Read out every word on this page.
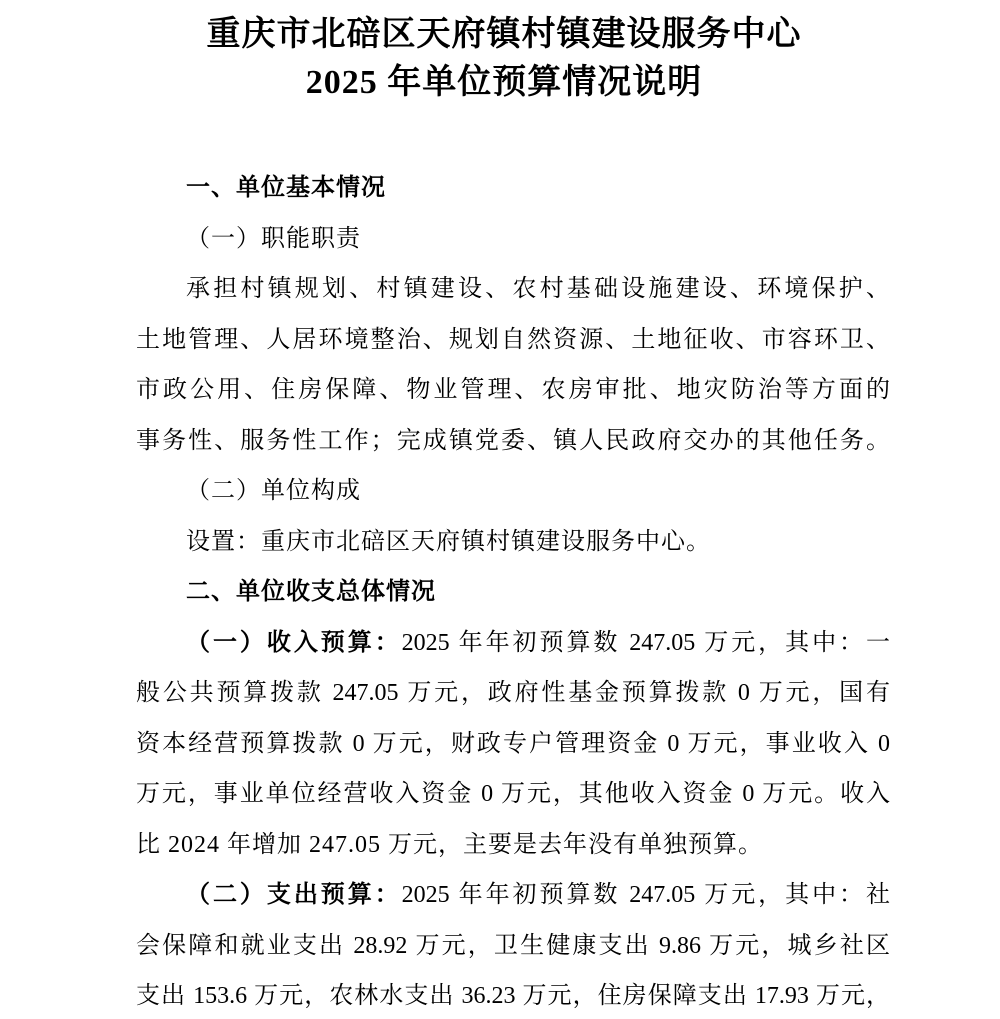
重庆市北碚区天府镇村镇建设服务中心
2025 年单位预算情况说明
一、单位基本情况
（一）职能职责
承担村镇规划、村镇建设、农村基础设施建设、环境保护、
土地管理、人居环境整治、规划自然资源、土地征收、市容环卫、
市政公用、住房保障、物业管理、农房审批、地灾防治等方面的
事务性、服务性工作；完成镇党委、镇人民政府交办的其他任务。
（二）单位构成
设置：重庆市北碚区天府镇村镇建设服务中心。
二、单位收支总体情况
（一）收入预算：2025 年年初预算数 247.05 万元，其中：一
般公共预算拨款 247.05 万元，政府性基金预算拨款 0 万元，国有
资本经营预算拨款 0 万元，财政专户管理资金 0 万元，事业收入 0
万元，事业单位经营收入资金 0 万元，其他收入资金 0 万元。收入
比 2024 年增加 247.05 万元，主要是去年没有单独预算。
（二）支出预算：2025 年年初预算数 247.05 万元，其中：社
会保障和就业支出 28.92 万元，卫生健康支出 9.86 万元，城乡社区
支出 153.6 万元，农林水支出 36.23 万元，住房保障支出 17.93 万元，
